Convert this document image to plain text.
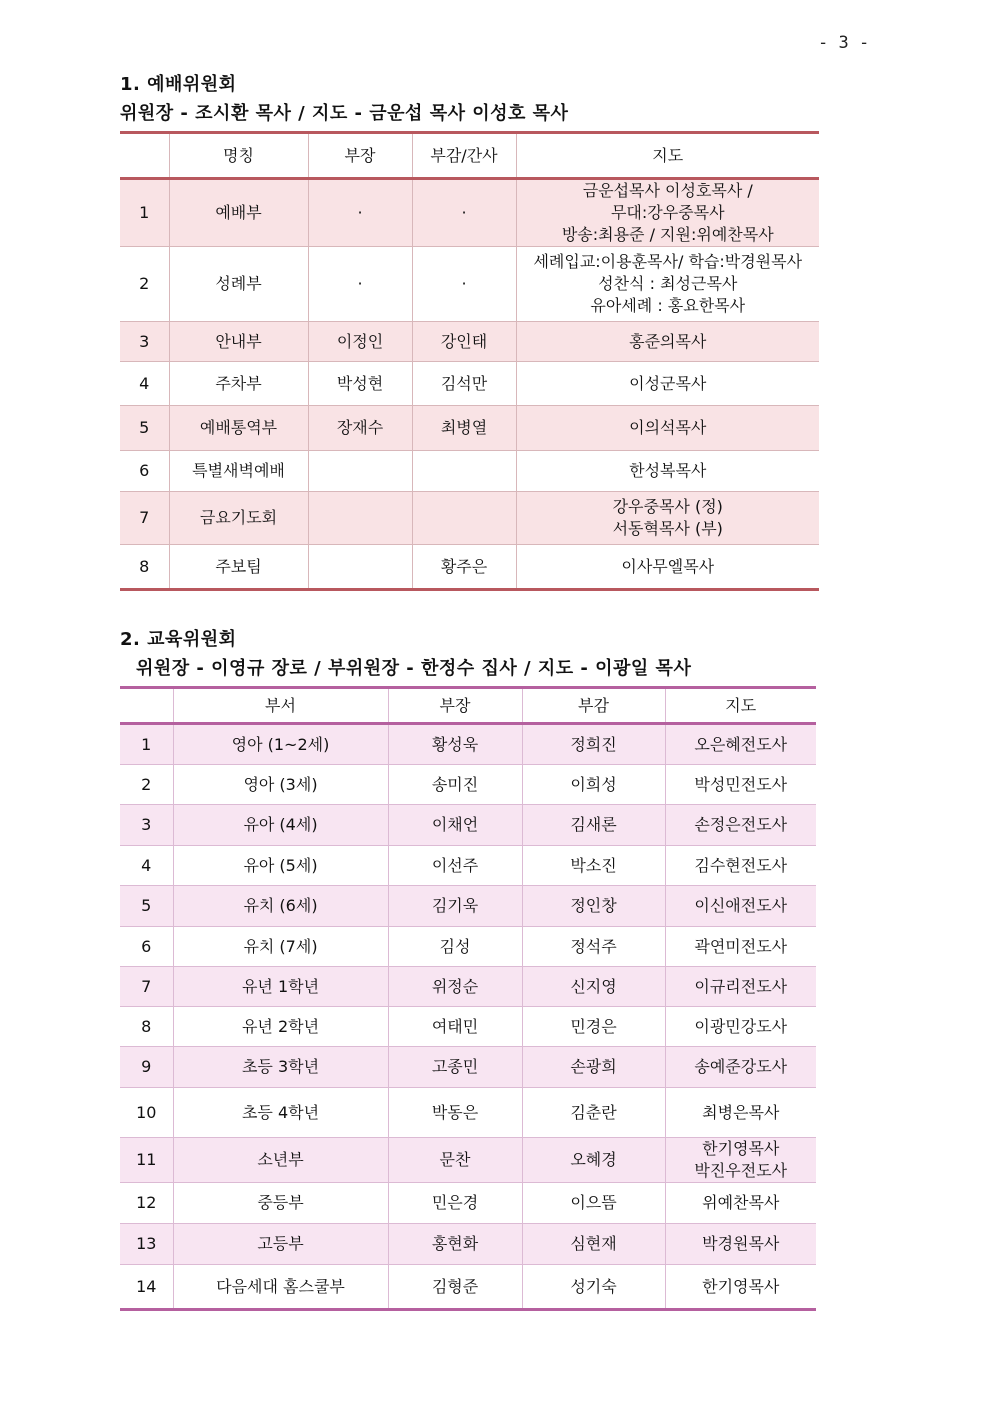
- 3 -
1. 예배위원회
위원장 - 조시환 목사 / 지도 - 금운섭 목사 이성호 목사
	명칭	부장	부감/간사	지도
1	예배부	·	·	금운섭목사 이성호목사 /
무대:강우중목사
방송:최용준 / 지원:위예찬목사

2	성례부	·	·	세례입교:이용훈목사/ 학습:박경원목사
성찬식 : 최성근목사
유아세례 : 홍요한목사

3	안내부	이정인	강인태	홍준의목사

4	주차부	박성현	김석만	이성군목사

5	예배통역부	장재수	최병열	이의석목사

6	특별새벽예배			한성복목사

7	금요기도회			강우중목사 (정)
서동혁목사 (부)

8	주보팀		황주은	이사무엘목사
2. 교육위원회
위원장 - 이영규 장로 / 부위원장 - 한정수 집사 / 지도 - 이광일 목사
	부서	부장	부감	지도
1	영아 (1~2세)	황성욱	정희진	오은혜전도사

2	영아 (3세)	송미진	이희성	박성민전도사

3	유아 (4세)	이채언	김새론	손정은전도사

4	유아 (5세)	이선주	박소진	김수현전도사

5	유치 (6세)	김기욱	정인창	이신애전도사

6	유치 (7세)	김성	정석주	곽연미전도사

7	유년 1학년	위정순	신지영	이규리전도사

8	유년 2학년	여태민	민경은	이광민강도사

9	초등 3학년	고종민	손광희	송예준강도사

10	초등 4학년	박동은	김춘란	최병은목사

11	소년부	문찬	오혜경	한기영목사
박진우전도사

12	중등부	민은경	이으뜸	위예찬목사

13	고등부	홍현화	심현재	박경원목사

14	다음세대 홈스쿨부	김형준	성기숙	한기영목사
